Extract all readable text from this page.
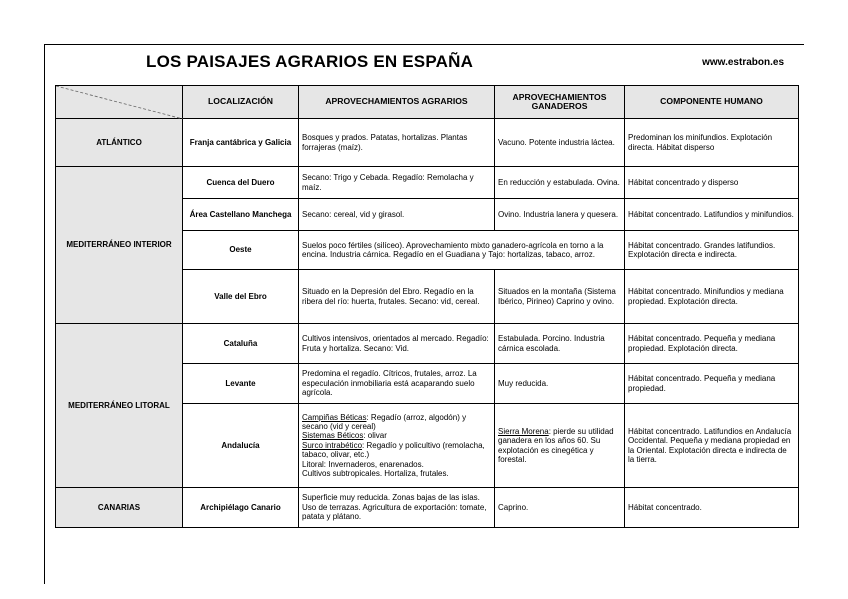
LOS PAISAJES AGRARIOS EN ESPAÑA	www.estrabon.es
	LOCALIZACIÓN	APROVECHAMIENTOS AGRARIOS	APROVECHAMIENTOS GANADEROS	COMPONENTE HUMANO
ATLÁNTICO	Franja cantábrica y Galicia	Bosques y prados. Patatas, hortalizas. Plantas forrajeras (maíz).	Vacuno. Potente industria láctea.	Predominan los minifundios. Explotación directa. Hábitat disperso
MEDITERRÁNEO INTERIOR	Cuenca del Duero	Secano: Trigo y Cebada. Regadío: Remolacha y maíz.	En reducción y estabulada. Ovina.	Hábitat concentrado y disperso
	Área Castellano Manchega	Secano: cereal, vid y girasol.	Ovino. Industria lanera y quesera.	Hábitat concentrado. Latifundios y minifundios.
	Oeste	Suelos poco fértiles (silíceo). Aprovechamiento mixto ganadero-agrícola en torno a la encina. Industria cárnica. Regadío en el Guadiana y Tajo: hortalizas, tabaco, arroz.		Hábitat concentrado. Grandes latifundios. Explotación directa e indirecta.
	Valle del Ebro	Situado en la Depresión del Ebro. Regadío en la ribera del río: huerta, frutales. Secano: vid, cereal.	Situados en la montaña (Sistema Ibérico, Pirineo) Caprino y ovino.	Hábitat concentrado. Minifundios y mediana propiedad. Explotación directa.
MEDITERRÁNEO LITORAL	Cataluña	Cultivos intensivos, orientados al mercado. Regadío: Fruta y hortaliza. Secano: Vid.	Estabulada. Porcino. Industria cárnica escolada.	Hábitat concentrado. Pequeña y mediana propiedad. Explotación directa.
	Levante	Predomina el regadío. Cítricos, frutales, arroz. La especulación inmobiliaria está acaparando suelo agrícola.	Muy reducida.	Hábitat concentrado. Pequeña y mediana propiedad.
	Andalucía	Campiñas Béticas: Regadío (arroz, algodón) y secano (vid y cereal)
Sistemas Béticos: olivar
Surco intrabético: Regadío y policultivo (remolacha, tabaco, olivar, etc.)
Litoral: Invernaderos, enarenados.
Cultivos subtropicales. Hortaliza, frutales.	Sierra Morena: pierde su utilidad ganadera en los años 60. Su explotación es cinegética y forestal.	Hábitat concentrado. Latifundios en Andalucía Occidental. Pequeña y mediana propiedad en la Oriental. Explotación directa e indirecta de la tierra.
CANARIAS	Archipiélago Canario	Superficie muy reducida. Zonas bajas de las islas. Uso de terrazas. Agricultura de exportación: tomate, patata y plátano.	Caprino.	Hábitat concentrado.
